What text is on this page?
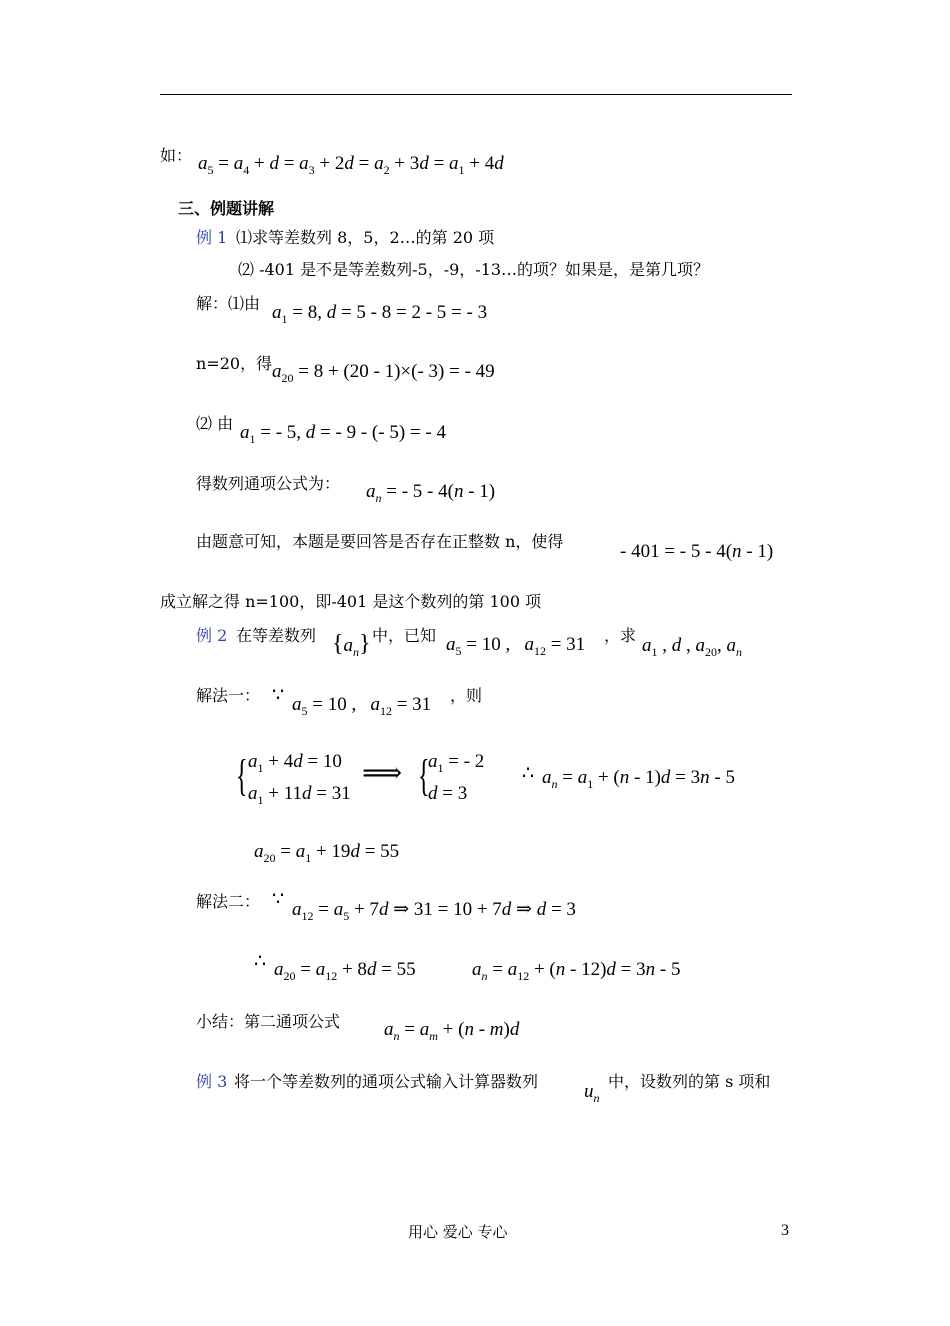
如： $a_5 = a_4 + d = a_3 + 2d = a_2 + 3d = a_1 + 4d$
三、例题讲解
例 1 ⑴求等差数列 8，5，2…的第 20 项
⑵ -401 是不是等差数列-5，-9，-13…的项？如果是，是第几项？
解：⑴由 $a_1 = 8$, d = 5 - 8 = 2 - 5 = - 3
n=20，得 $a_{20} = 8 + (20 - 1)\times(-$ 3) = - 49
⑵ 由 $a_1$ = - 5, d = - 9 - (- 5) = - 4
得数列通项公式为： $a_n$ = - 5 - 4(n - 1)
由题意可知，本题是要回答是否存在正整数 n，使得	- 401 = - 5 - 4(n - 1)
成立解之得 n=100，即-401 是这个数列的第 100 项
例 2 在等差数列 $\{a_n\}$ 中，已知 $a_5 = 10$ ,   $a_{12} = 31$ ，求 $a_1$ , d , $a_{20}$, $a_n$
解法一： ∵ $a_5 = 10$ ,   $a_{12} = 31$ ，则
{ $a_1 + 4d = 10$
$a_1 + 11d = 31$
⟹ {
$a_1$ = - 2
d = 3
∴ $a_n = a_1 + (n - 1)d = 3n - 5$
$a_{20} = a_1 + 19d = 55$
解法二： ∵ $a_{12} = a_5 + 7d$ ⇒ 31 = 10 + 7d ⇒ d = 3
∴ $a_{20} = a_{12} + 8d = 55$	$a_n = a_{12} + (n - 12)d = 3n - 5$
小结：第二通项公式 $a_n = a_m + (n - m)d$
例 3 将一个等差数列的通项公式输入计算器数列 $u_n$
中，设数列的第 s 项和
用心 爱心 专心	3
